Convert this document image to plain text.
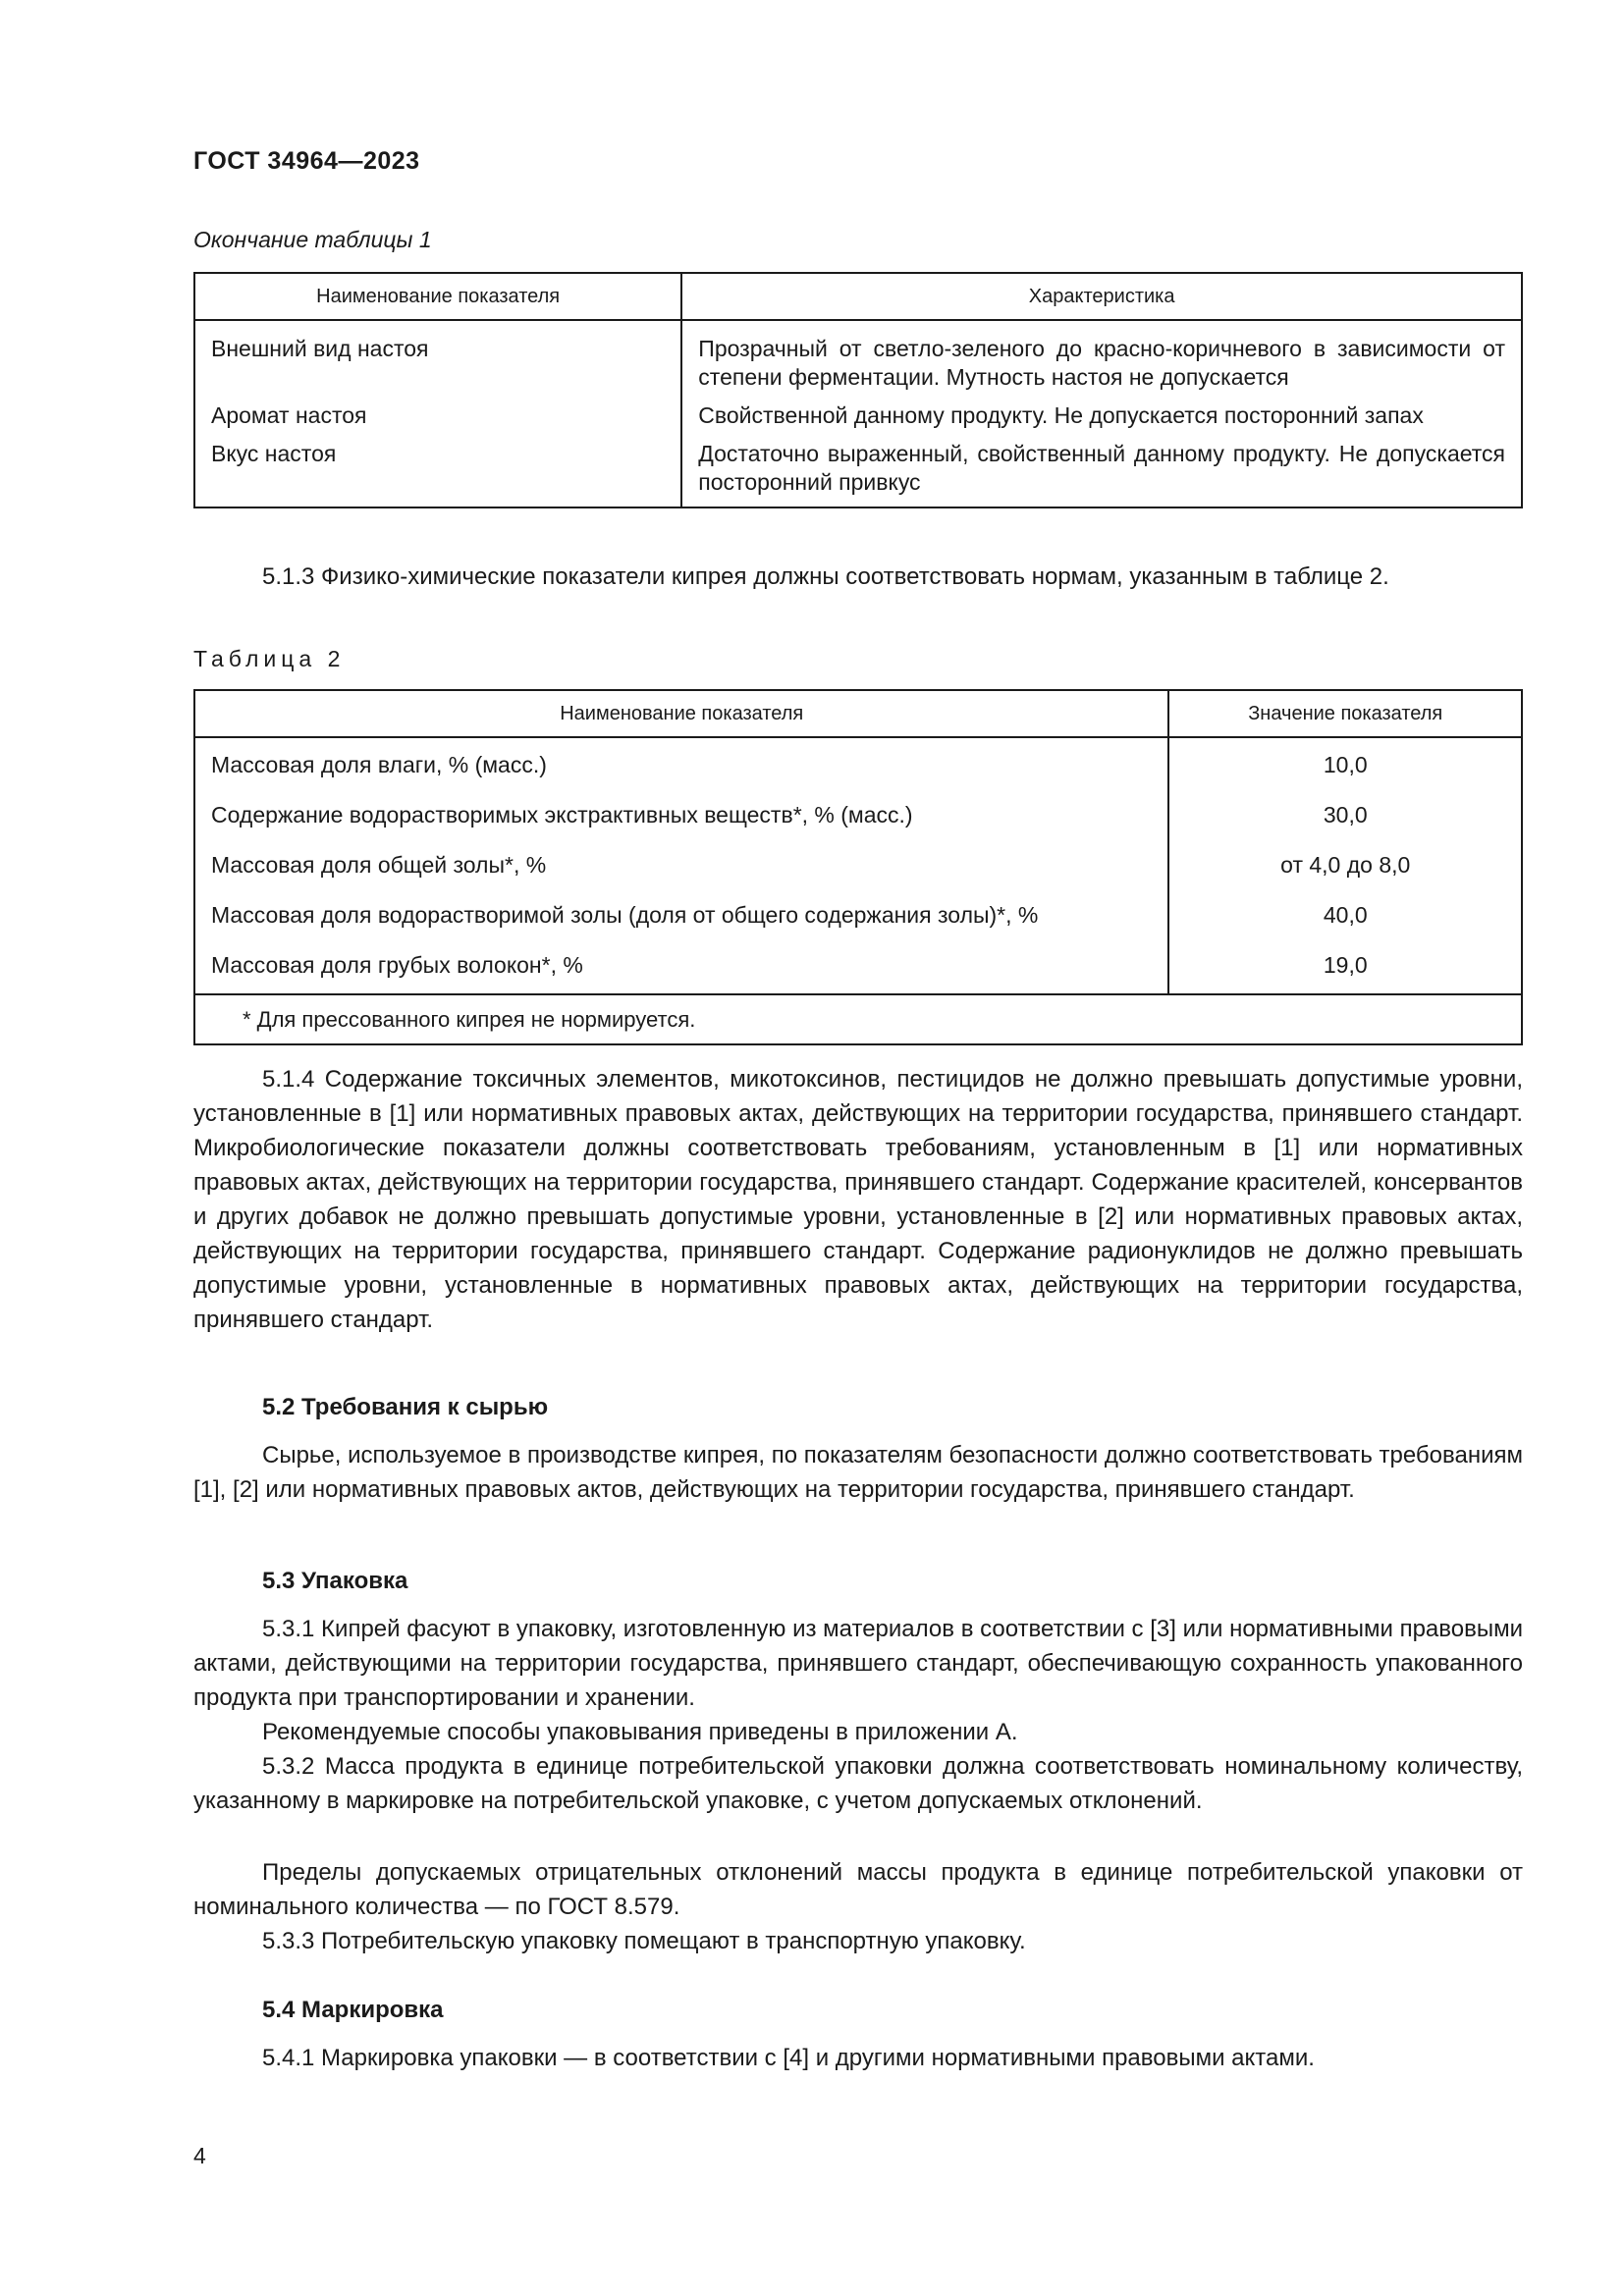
ГОСТ 34964—2023
Окончание таблицы 1
Наименование показателя	Характеристика
Внешний вид настоя	Прозрачный от светло-зеленого до красно-коричневого в зависимости от степени ферментации. Мутность настоя не допускается
Аромат настоя	Свойственной данному продукту. Не допускается посторонний запах
Вкус настоя	Достаточно выраженный, свойственный данному продукту. Не допускается посторонний привкус

5.1.3 Физико-химические показатели кипрея должны соответствовать нормам, указанным в таблице 2.

Таблица 2
Наименование показателя	Значение показателя
Массовая доля влаги, % (масс.)	10,0
Содержание водорастворимых экстрактивных веществ*, % (масс.)	30,0
Массовая доля общей золы*, %	от 4,0 до 8,0
Массовая доля водорастворимой золы (доля от общего содержания золы)*, %	40,0
Массовая доля грубых волокон*, %	19,0
* Для прессованного кипрея не нормируется.	

5.1.4 Содержание токсичных элементов, микотоксинов, пестицидов не должно превышать допустимые уровни, установленные в [1] или нормативных правовых актах, действующих на территории государства, принявшего стандарт. Микробиологические показатели должны соответствовать требованиям, установленным в [1] или нормативных правовых актах, действующих на территории государства, принявшего стандарт. Содержание красителей, консервантов и других добавок не должно превышать допустимые уровни, установленные в [2] или нормативных правовых актах, действующих на территории государства, принявшего стандарт. Содержание радионуклидов не должно превышать допустимые уровни, установленные в нормативных правовых актах, действующих на территории государства, принявшего стандарт.

5.2 Требования к сырью

Сырье, используемое в производстве кипрея, по показателям безопасности должно соответствовать требованиям [1], [2] или нормативных правовых актов, действующих на территории государства, принявшего стандарт.

5.3 Упаковка

5.3.1 Кипрей фасуют в упаковку, изготовленную из материалов в соответствии с [3] или нормативными правовыми актами, действующими на территории государства, принявшего стандарт, обеспечивающую сохранность упакованного продукта при транспортировании и хранении.

Рекомендуемые способы упаковывания приведены в приложении А.

5.3.2 Масса продукта в единице потребительской упаковки должна соответствовать номинальному количеству, указанному в маркировке на потребительской упаковке, с учетом допускаемых отклонений.

Пределы допускаемых отрицательных отклонений массы продукта в единице потребительской упаковки от номинального количества — по ГОСТ 8.579.

5.3.3 Потребительскую упаковку помещают в транспортную упаковку.

5.4 Маркировка

5.4.1 Маркировка упаковки — в соответствии с [4] и другими нормативными правовыми актами.

4
